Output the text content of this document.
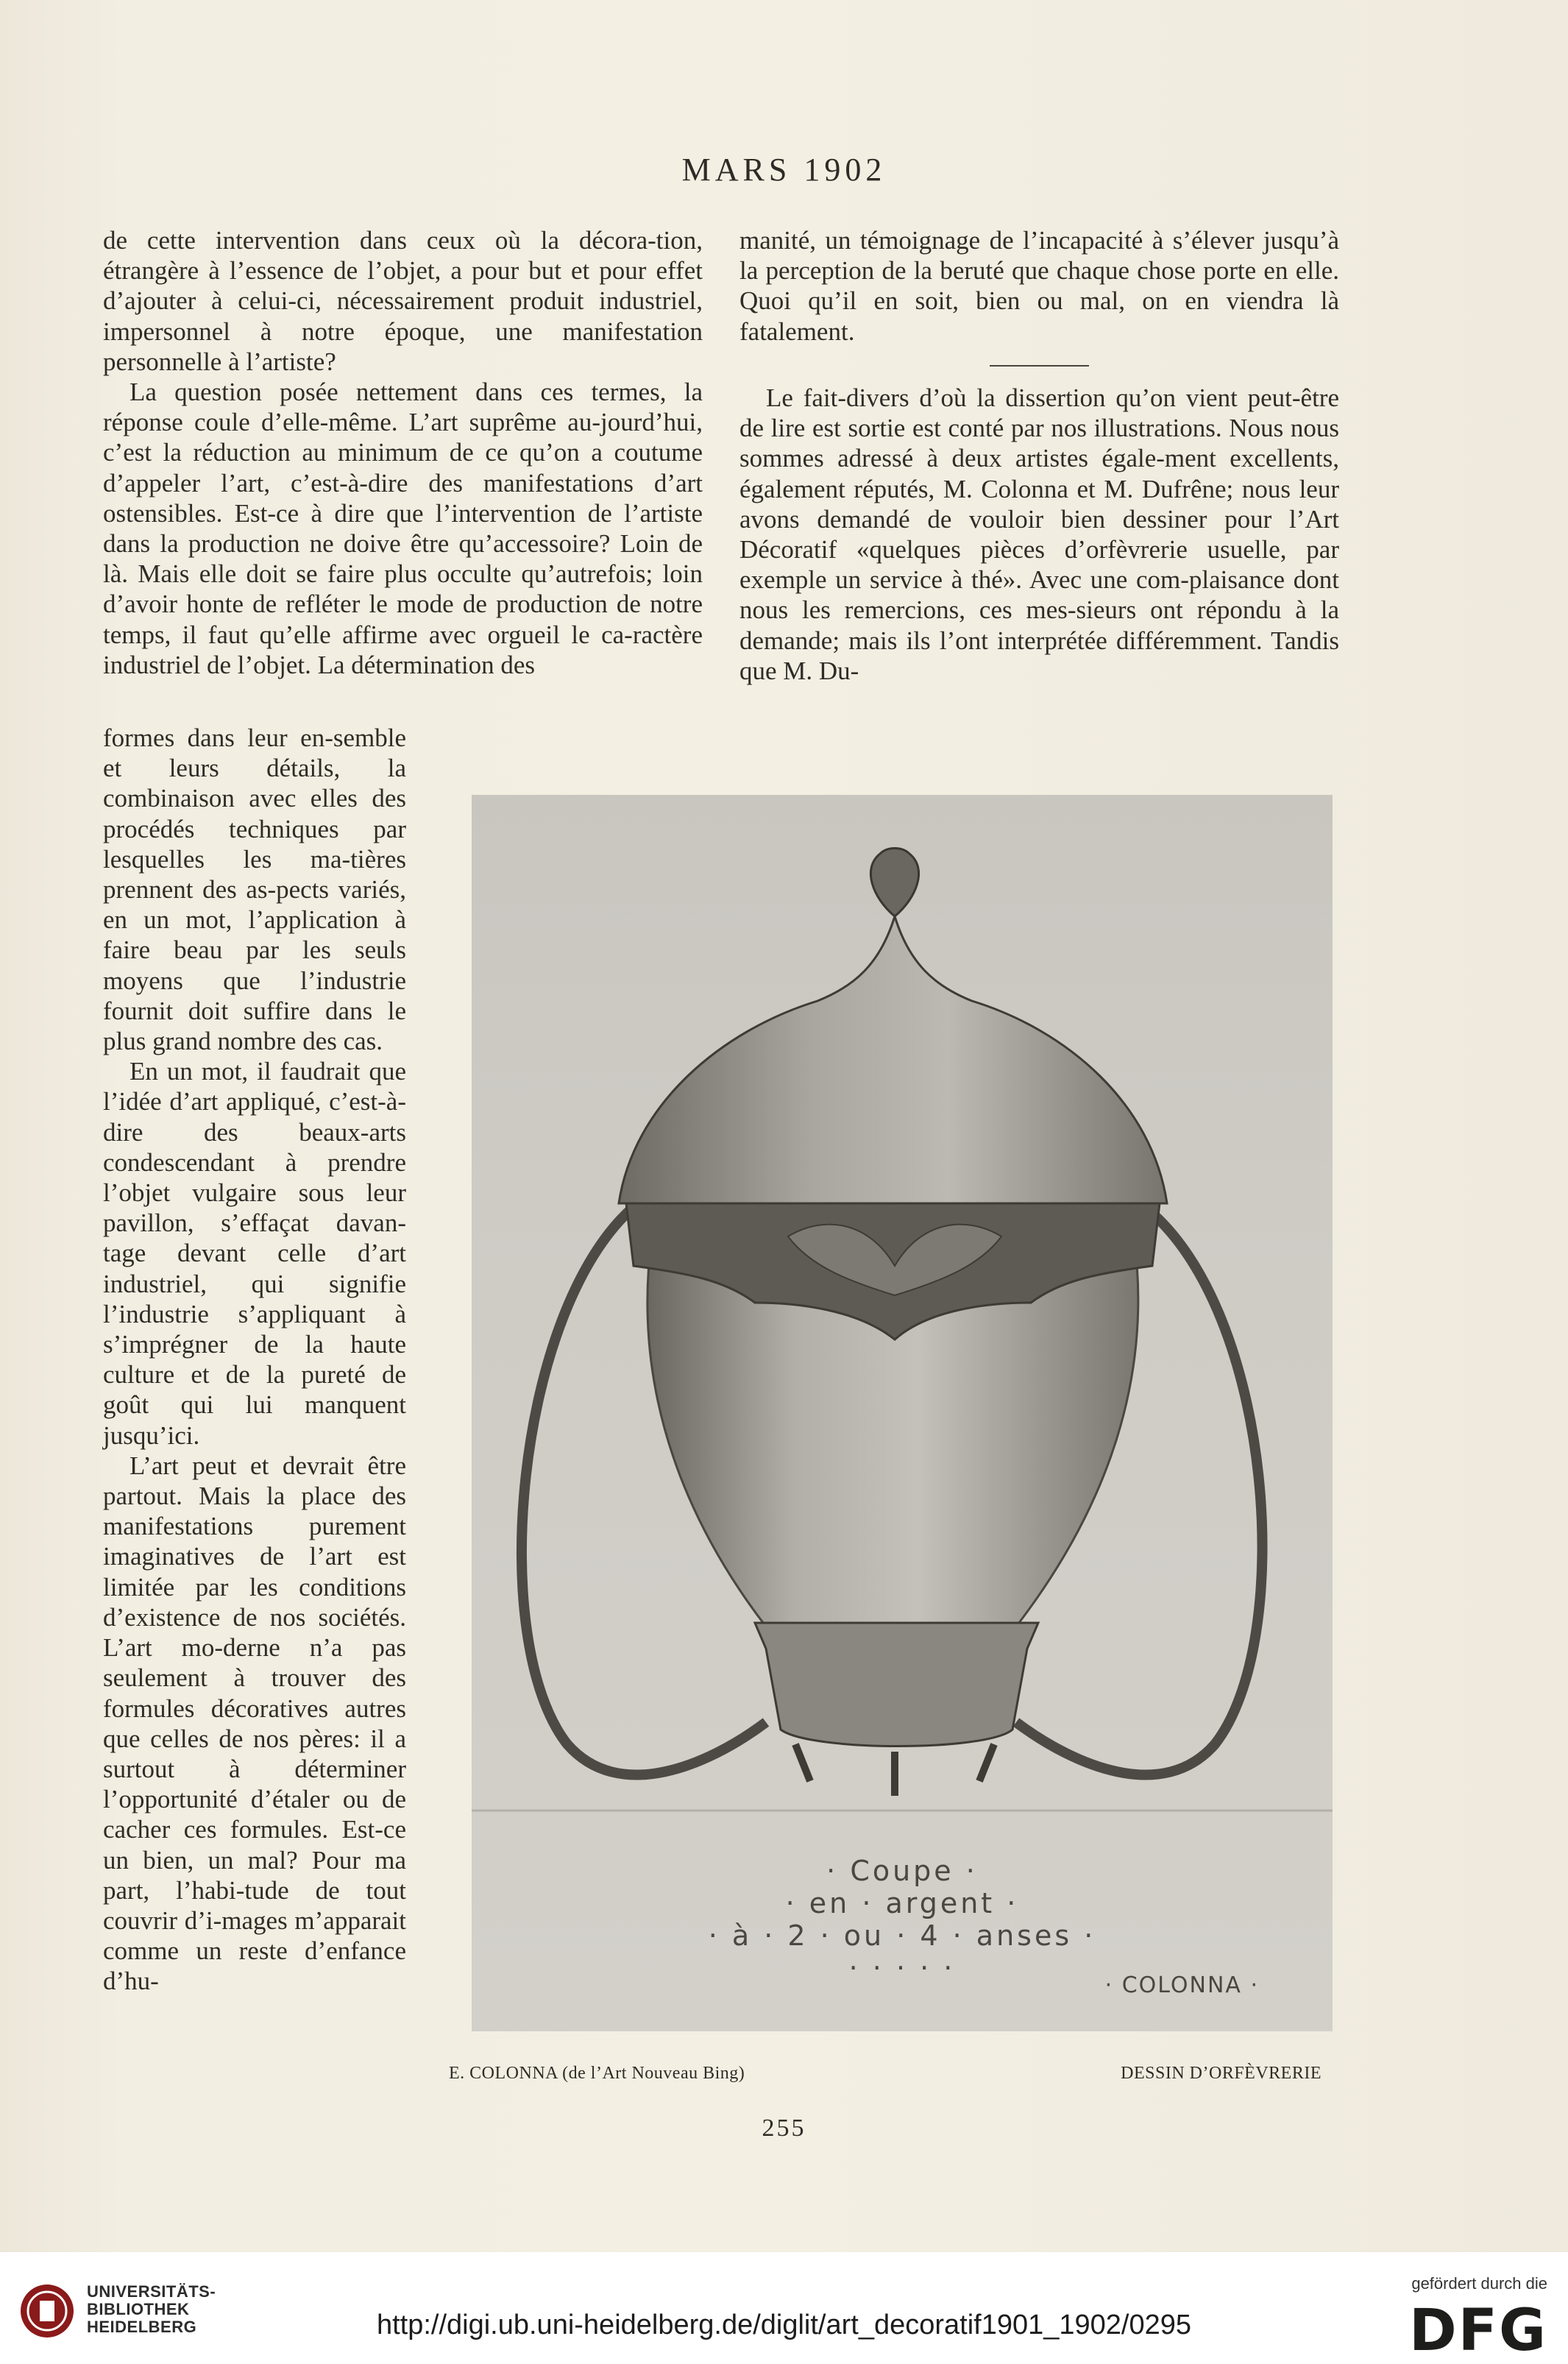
MARS 1902

de cette intervention dans ceux où la décora-tion, étrangère à l’essence de l’objet, a pour but et pour effet d’ajouter à celui-ci, nécessairement produit industriel, impersonnel à notre époque, une manifestation personnelle à l’artiste?

La question posée nettement dans ces termes, la réponse coule d’elle-même. L’art suprême au-jourd’hui, c’est la réduction au minimum de ce qu’on a coutume d’appeler l’art, c’est-à-dire des manifestations d’art ostensibles. Est-ce à dire que l’intervention de l’artiste dans la production ne doive être qu’accessoire? Loin de là. Mais elle doit se faire plus occulte qu’autrefois; loin d’avoir honte de refléter le mode de production de notre temps, il faut qu’elle affirme avec orgueil le ca-ractère industriel de l’objet. La détermination des

formes dans leur en-semble et leurs détails, la combinaison avec elles des procédés techniques par lesquelles les ma-tières prennent des as-pects variés, en un mot, l’application à faire beau par les seuls moyens que l’industrie fournit doit suffire dans le plus grand nombre des cas.

En un mot, il faudrait que l’idée d’art appliqué, c’est-à-dire des beaux-arts condescendant à prendre l’objet vulgaire sous leur pavillon, s’effaçat davan-tage devant celle d’art industriel, qui signifie l’industrie s’appliquant à s’imprégner de la haute culture et de la pureté de goût qui lui manquent jusqu’ici.

L’art peut et devrait être partout. Mais la place des manifestations purement imaginatives de l’art est limitée par les conditions d’existence de nos sociétés. L’art mo-derne n’a pas seulement à trouver des formules décoratives autres que celles de nos pères: il a surtout à déterminer l’opportunité d’étaler ou de cacher ces formules. Est-ce un bien, un mal? Pour ma part, l’habi-tude de tout couvrir d’i-mages m’apparait comme un reste d’enfance d’hu-

manité, un témoignage de l’incapacité à s’élever jusqu’à la perception de la beruté que chaque chose porte en elle. Quoi qu’il en soit, bien ou mal, on en viendra là fatalement.

Le fait-divers d’où la dissertion qu’on vient peut-être de lire est sortie est conté par nos illustrations. Nous nous sommes adressé à deux artistes égale-ment excellents, également réputés, M. Colonna et M. Dufrêne; nous leur avons demandé de vouloir bien dessiner pour l’Art Décoratif «quelques pièces d’orfèvrerie usuelle, par exemple un service à thé». Avec une com-plaisance dont nous les remercions, ces mes-sieurs ont répondu à la demande; mais ils l’ont interprétée différemment. Tandis que M. Du-

· Coupe ·
· en · argent ·
· à · 2 · ou · 4 · anses ·
· · · · ·
· COLONNA ·
E. COLONNA (de l’Art Nouveau Bing)	DESSIN D’ORFÈVRERIE
255
UNIVERSITÄTS-
BIBLIOTHEK
HEIDELBERG	http://digi.ub.uni-heidelberg.de/diglit/art_decoratif1901_1902/0295
gefördert durch die
DFG
